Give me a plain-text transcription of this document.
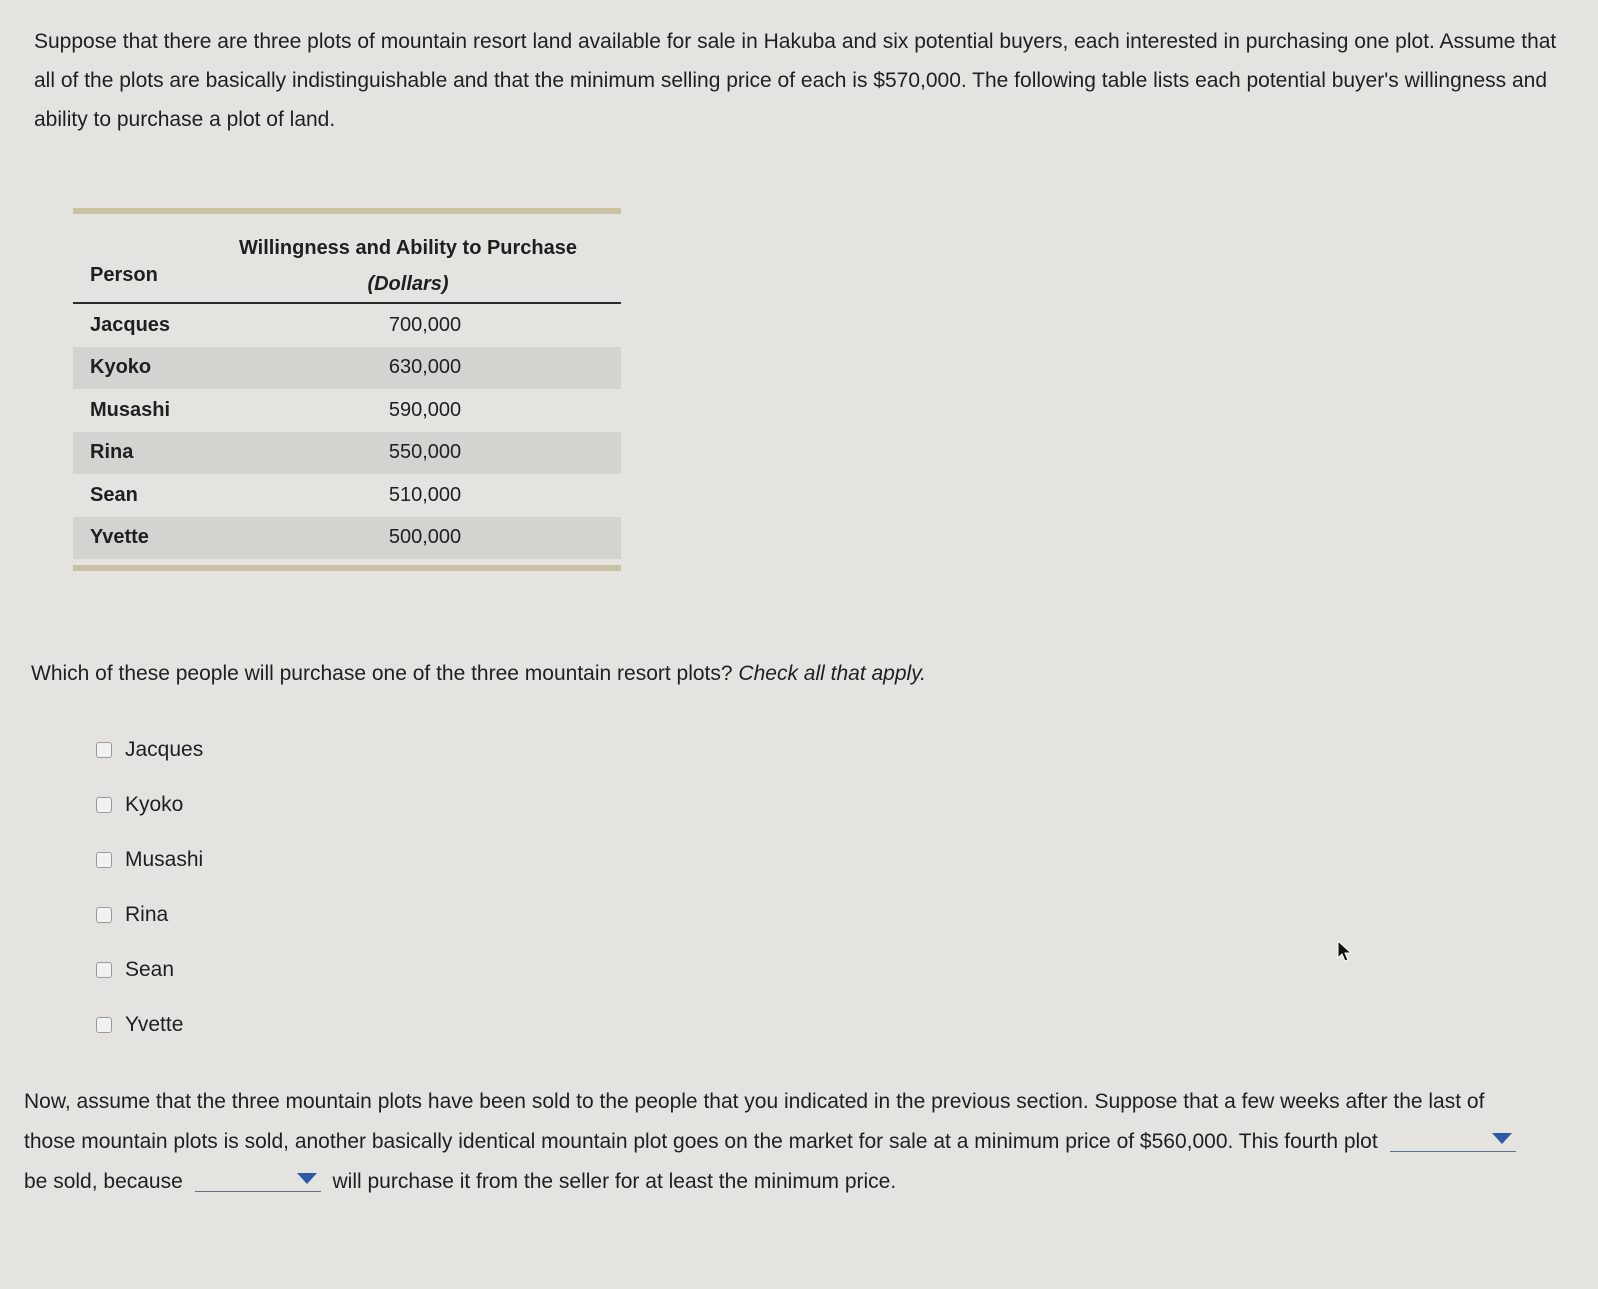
Suppose that there are three plots of mountain resort land available for sale in Hakuba and six potential buyers, each interested in purchasing one plot. Assume that all of the plots are basically indistinguishable and that the minimum selling price of each is $570,000. The following table lists each potential buyer's willingness and ability to purchase a plot of land.

Person
Willingness and Ability to Purchase
(Dollars)
Jacques	700,000
Kyoko	630,000
Musashi	590,000
Rina	550,000
Sean	510,000
Yvette	500,000
Which of these people will purchase one of the three mountain resort plots? Check all that apply.
Jacques
Kyoko
Musashi
Rina
Sean
Yvette

Now, assume that the three mountain plots have been sold to the people that you indicated in the previous section. Suppose that a few weeks after the last of those mountain plots is sold, another basically identical mountain plot goes on the market for sale at a minimum price of $560,000. This fourth plot
be sold, because	will purchase it from the seller for at least the minimum price.
